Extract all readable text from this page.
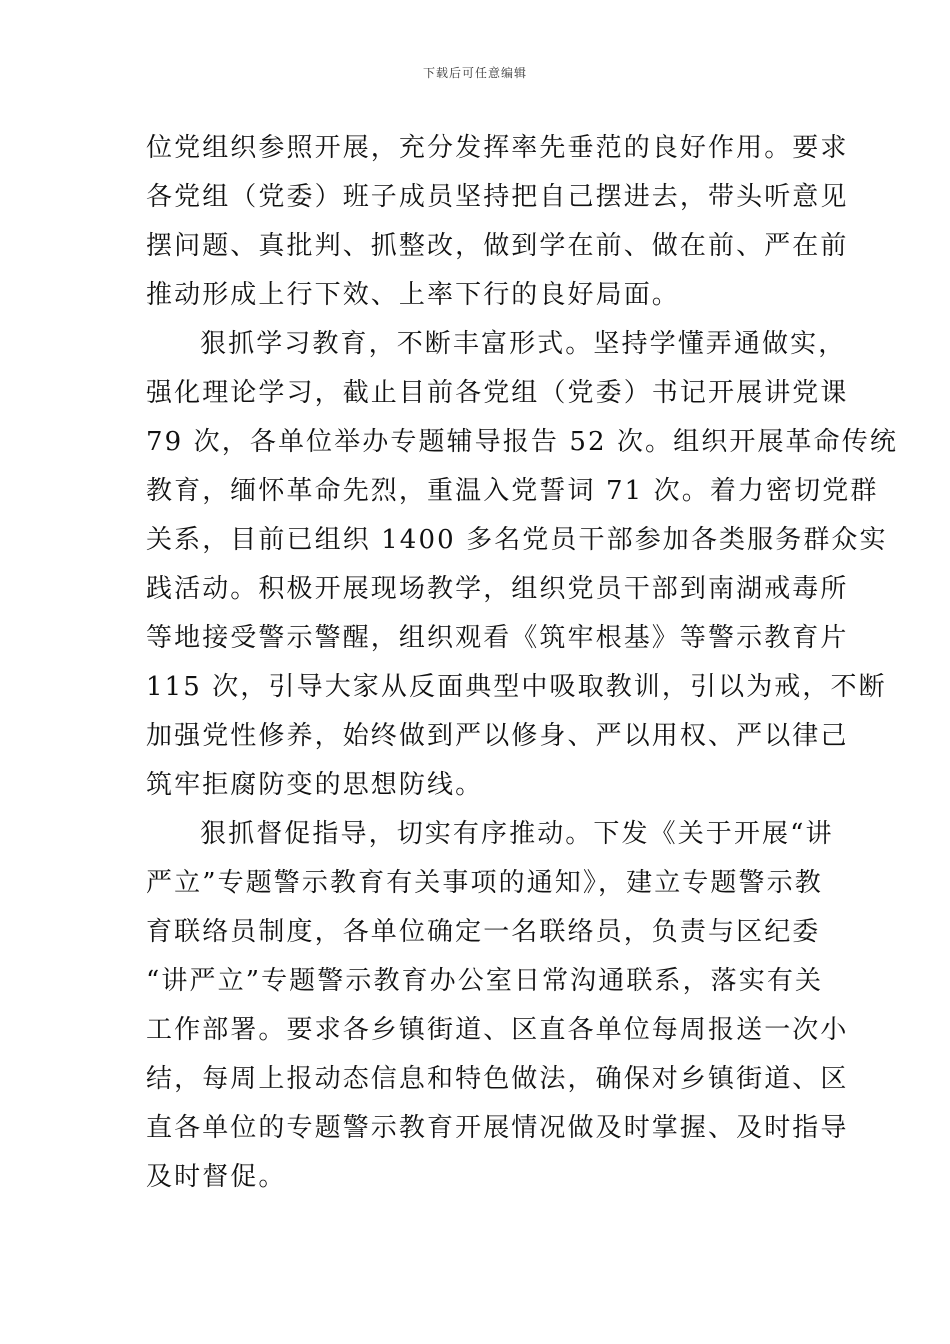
下载后可任意编辑
位党组织参照开展，充分发挥率先垂范的良好作用。要求
各党组（党委）班子成员坚持把自己摆进去，带头听意见
摆问题、真批判、抓整改，做到学在前、做在前、严在前
推动形成上行下效、上率下行的良好局面。
狠抓学习教育，不断丰富形式。坚持学懂弄通做实，
强化理论学习，截止目前各党组（党委）书记开展讲党课
79 次，各单位举办专题辅导报告 52 次。组织开展革命传统
教育，缅怀革命先烈，重温入党誓词 71 次。着力密切党群
关系，目前已组织 1400 多名党员干部参加各类服务群众实
践活动。积极开展现场教学，组织党员干部到南湖戒毒所
等地接受警示警醒，组织观看《筑牢根基》等警示教育片
115 次，引导大家从反面典型中吸取教训，引以为戒，不断
加强党性修养，始终做到严以修身、严以用权、严以律己
筑牢拒腐防变的思想防线。
狠抓督促指导，切实有序推动。下发《关于开展“讲
严立”专题警示教育有关事项的通知》，建立专题警示教
育联络员制度，各单位确定一名联络员，负责与区纪委
“讲严立”专题警示教育办公室日常沟通联系，落实有关
工作部署。要求各乡镇街道、区直各单位每周报送一次小
结，每周上报动态信息和特色做法，确保对乡镇街道、区
直各单位的专题警示教育开展情况做及时掌握、及时指导
及时督促。
